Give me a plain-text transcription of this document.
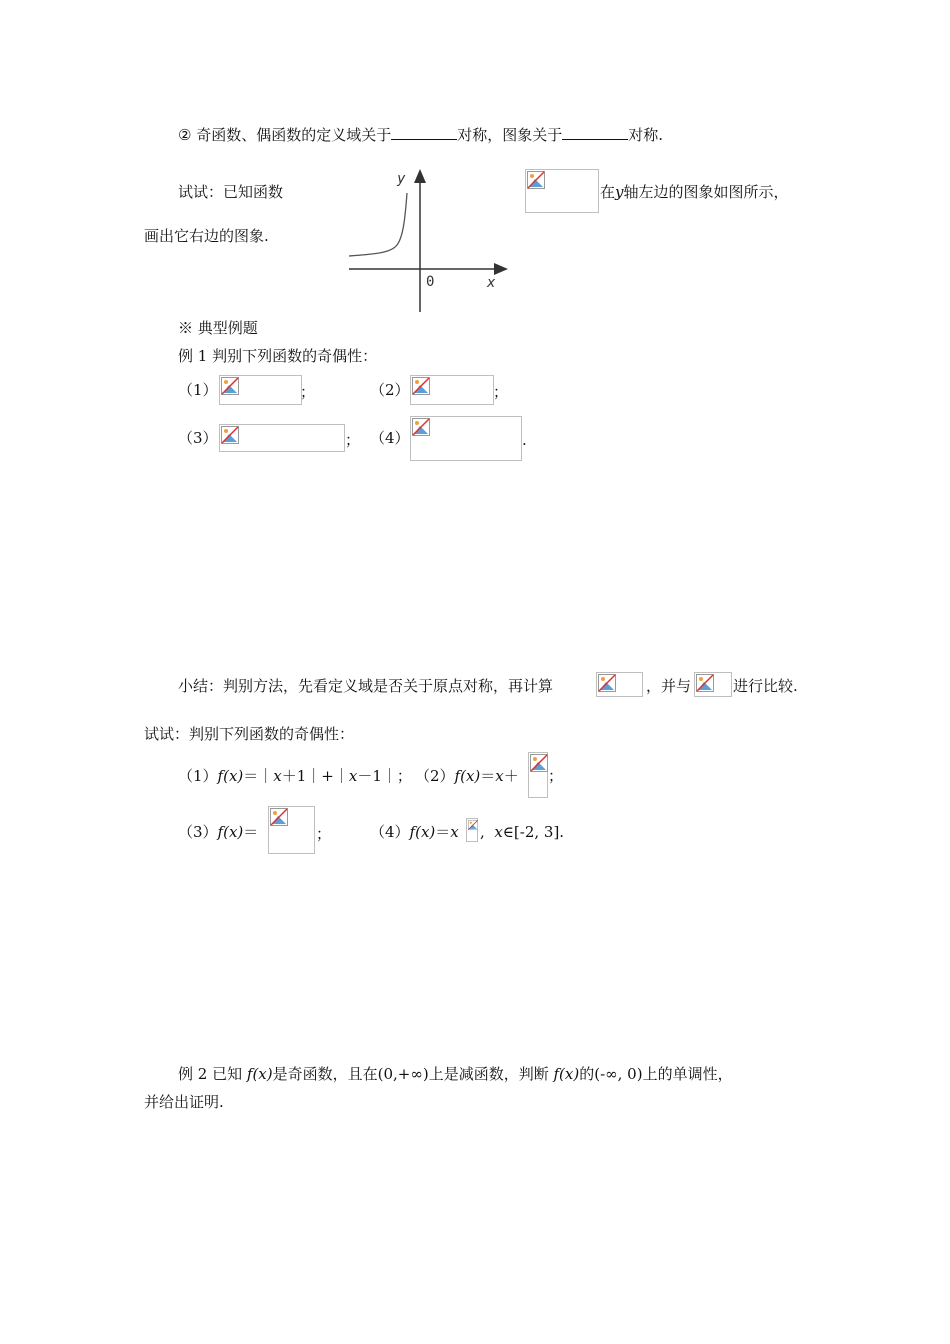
② 奇函数、偶函数的定义域关于	对称，图象关于	对称.
试试：已知函数	在y轴左边的图象如图所示，
画出它右边的图象.
y
0	x
※ 典型例题
例 1 判别下列函数的奇偶性：
（1）	；	（2）	；
（3）	； （4）	.
小结：判别方法，先看定义域是否关于原点对称，再计算	，并与	进行比较.
试试：判别下列函数的奇偶性：
（1）f(x)＝｜x＋1｜+｜x－1｜； （2）f(x)＝x＋ ；
（3）f(x)＝	；	（4）f(x)＝x , x∈[-2, 3].
例 2 已知 f(x)是奇函数，且在(0,+∞)上是减函数，判断 f(x)的(-∞, 0)上的单调性，
并给出证明.
